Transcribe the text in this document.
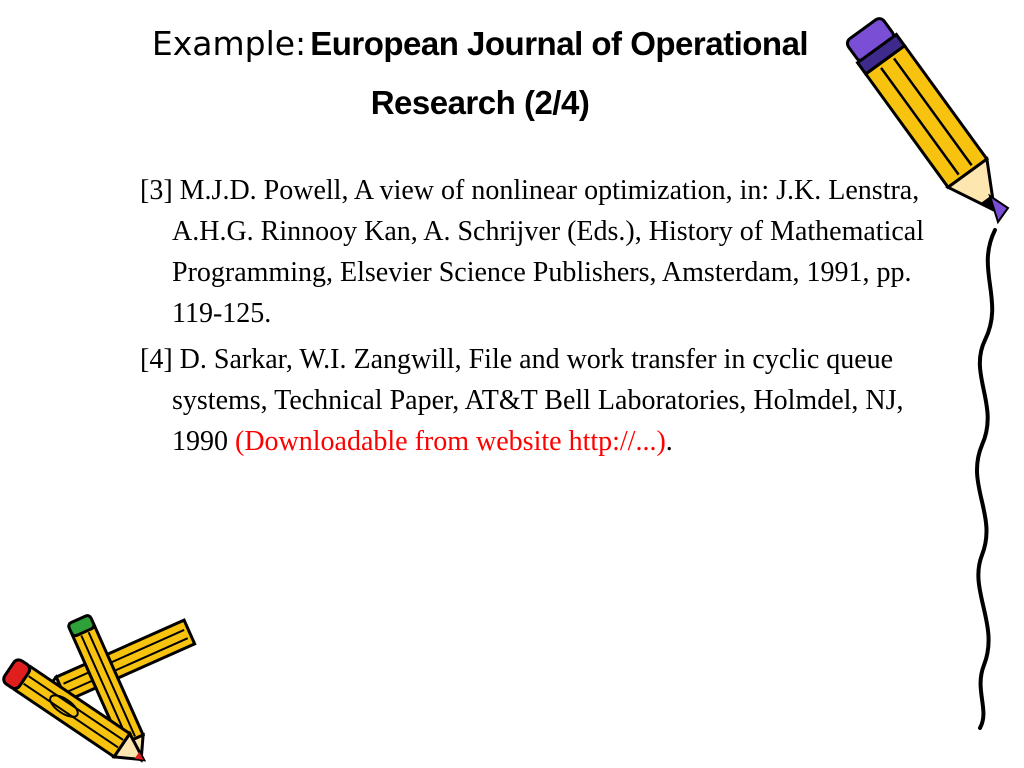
Example: European Journal of Operational Research (2/4)

[3] M.J.D. Powell, A view of nonlinear optimization, in: J.K. Lenstra, A.H.G. Rinnooy Kan, A. Schrijver (Eds.), History of Mathematical Programming, Elsevier Science Publishers, Amsterdam, 1991, pp. 119-125.

[4] D. Sarkar, W.I. Zangwill, File and work transfer in cyclic queue systems, Technical Paper, AT&T Bell Laboratories, Holmdel, NJ, 1990 (Downloadable from website http://...).
